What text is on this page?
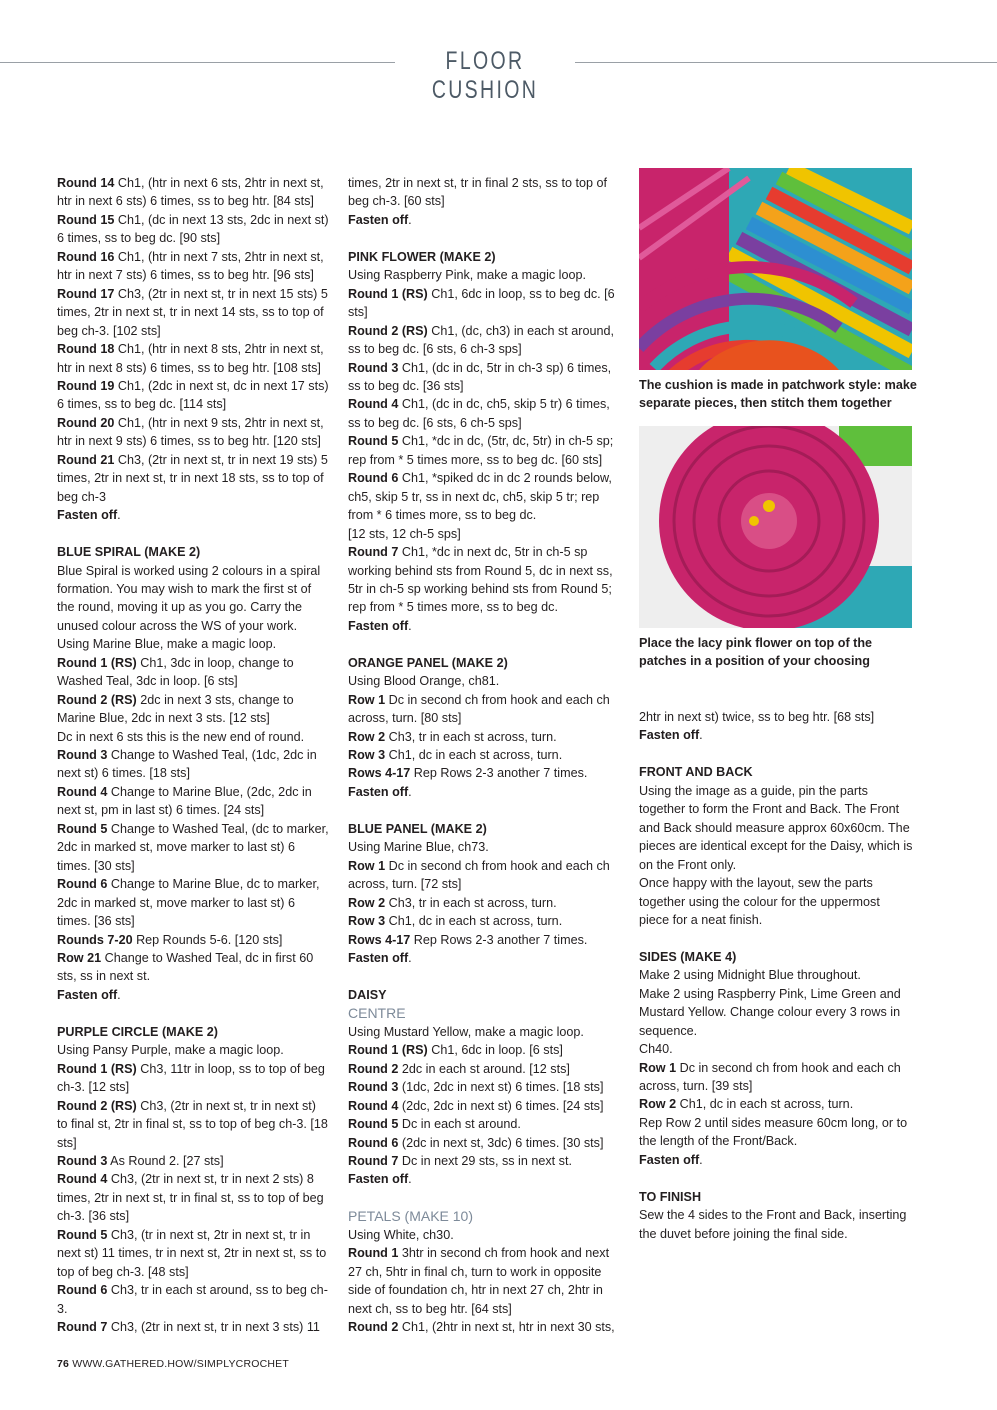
FLOOR CUSHION

Round 14 Ch1, (htr in next 6 sts, 2htr in next st, htr in next 6 sts) 6 times, ss to beg htr. [84 sts]

Round 15 Ch1, (dc in next 13 sts, 2dc in next st) 6 times, ss to beg dc. [90 sts]

Round 16 Ch1, (htr in next 7 sts, 2htr in next st, htr in next 7 sts) 6 times, ss to beg htr. [96 sts]

Round 17 Ch3, (2tr in next st, tr in next 15 sts) 5 times, 2tr in next st, tr in next 14 sts, ss to top of beg ch-3. [102 sts]

Round 18 Ch1, (htr in next 8 sts, 2htr in next st, htr in next 8 sts) 6 times, ss to beg htr. [108 sts]

Round 19 Ch1, (2dc in next st, dc in next 17 sts) 6 times, ss to beg dc. [114 sts]

Round 20 Ch1, (htr in next 9 sts, 2htr in next st, htr in next 9 sts) 6 times, ss to beg htr. [120 sts]

Round 21 Ch3, (2tr in next st, tr in next 19 sts) 5 times, 2tr in next st, tr in next 18 sts, ss to top of beg ch-3

Fasten off.

BLUE SPIRAL (MAKE 2)

Blue Spiral is worked using 2 colours in a spiral formation. You may wish to mark the first st of the round, moving it up as you go. Carry the unused colour across the WS of your work.

Using Marine Blue, make a magic loop.

Round 1 (RS) Ch1, 3dc in loop, change to Washed Teal, 3dc in loop. [6 sts]

Round 2 (RS) 2dc in next 3 sts, change to Marine Blue, 2dc in next 3 sts. [12 sts]

Dc in next 6 sts this is the new end of round.

Round 3 Change to Washed Teal, (1dc, 2dc in next st) 6 times. [18 sts]

Round 4 Change to Marine Blue, (2dc, 2dc in next st, pm in last st) 6 times. [24 sts]

Round 5 Change to Washed Teal, (dc to marker, 2dc in marked st, move marker to last st) 6 times. [30 sts]

Round 6 Change to Marine Blue, dc to marker, 2dc in marked st, move marker to last st) 6 times. [36 sts]

Rounds 7-20 Rep Rounds 5-6. [120 sts]

Row 21 Change to Washed Teal, dc in first 60 sts, ss in next st.

Fasten off.

PURPLE CIRCLE (MAKE 2)

Using Pansy Purple, make a magic loop.

Round 1 (RS) Ch3, 11tr in loop, ss to top of beg ch-3. [12 sts]

Round 2 (RS) Ch3, (2tr in next st, tr in next st) to final st, 2tr in final st, ss to top of beg ch-3. [18 sts]

Round 3 As Round 2. [27 sts]

Round 4 Ch3, (2tr in next st, tr in next 2 sts) 8 times, 2tr in next st, tr in final st, ss to top of beg ch-3. [36 sts]

Round 5 Ch3, (tr in next st, 2tr in next st, tr in next st) 11 times, tr in next st, 2tr in next st, ss to top of beg ch-3. [48 sts]

Round 6 Ch3, tr in each st around, ss to beg ch-3.

Round 7 Ch3, (2tr in next st, tr in next 3 sts) 11

times, 2tr in next st, tr in final 2 sts, ss to top of beg ch-3. [60 sts]

Fasten off.

PINK FLOWER (MAKE 2)

Using Raspberry Pink, make a magic loop.

Round 1 (RS) Ch1, 6dc in loop, ss to beg dc. [6 sts]

Round 2 (RS) Ch1, (dc, ch3) in each st around, ss to beg dc. [6 sts, 6 ch-3 sps]

Round 3 Ch1, (dc in dc, 5tr in ch-3 sp) 6 times, ss to beg dc. [36 sts]

Round 4 Ch1, (dc in dc, ch5, skip 5 tr) 6 times, ss to beg dc. [6 sts, 6 ch-5 sps]

Round 5 Ch1, *dc in dc, (5tr, dc, 5tr) in ch-5 sp; rep from * 5 times more, ss to beg dc. [60 sts]

Round 6 Ch1, *spiked dc in dc 2 rounds below, ch5, skip 5 tr, ss in next dc, ch5, skip 5 tr; rep from * 6 times more, ss to beg dc.

[12 sts, 12 ch-5 sps]

Round 7 Ch1, *dc in next dc, 5tr in ch-5 sp working behind sts from Round 5, dc in next ss, 5tr in ch-5 sp working behind sts from Round 5; rep from * 5 times more, ss to beg dc.

Fasten off.

ORANGE PANEL (MAKE 2)

Using Blood Orange, ch81.

Row 1 Dc in second ch from hook and each ch across, turn. [80 sts]

Row 2 Ch3, tr in each st across, turn.

Row 3 Ch1, dc in each st across, turn.

Rows 4-17 Rep Rows 2-3 another 7 times.

Fasten off.

BLUE PANEL (MAKE 2)

Using Marine Blue, ch73.

Row 1 Dc in second ch from hook and each ch across, turn. [72 sts]

Row 2 Ch3, tr in each st across, turn.

Row 3 Ch1, dc in each st across, turn.

Rows 4-17 Rep Rows 2-3 another 7 times.

Fasten off.

DAISY

CENTRE

Using Mustard Yellow, make a magic loop.

Round 1 (RS) Ch1, 6dc in loop. [6 sts]

Round 2 2dc in each st around. [12 sts]

Round 3 (1dc, 2dc in next st) 6 times. [18 sts]

Round 4 (2dc, 2dc in next st) 6 times. [24 sts]

Round 5 Dc in each st around.

Round 6 (2dc in next st, 3dc) 6 times. [30 sts]

Round 7 Dc in next 29 sts, ss in next st.

Fasten off.

PETALS (MAKE 10)

Using White, ch30.

Round 1 3htr in second ch from hook and next 27 ch, 5htr in final ch, turn to work in opposite side of foundation ch, htr in next 27 ch, 2htr in next ch, ss to beg htr. [64 sts]

Round 2 Ch1, (2htr in next st, htr in next 30 sts,

The cushion is made in patchwork style: make separate pieces, then stitch them together
Place the lacy pink flower on top of the patches in a position of your choosing

2htr in next st) twice, ss to beg htr. [68 sts]

Fasten off.

FRONT AND BACK

Using the image as a guide, pin the parts together to form the Front and Back. The Front and Back should measure approx 60x60cm. The pieces are identical except for the Daisy, which is on the Front only.

Once happy with the layout, sew the parts together using the colour for the uppermost piece for a neat finish.

SIDES (MAKE 4)

Make 2 using Midnight Blue throughout.

Make 2 using Raspberry Pink, Lime Green and Mustard Yellow. Change colour every 3 rows in sequence.

Ch40.

Row 1 Dc in second ch from hook and each ch across, turn. [39 sts]

Row 2 Ch1, dc in each st across, turn.

Rep Row 2 until sides measure 60cm long, or to the length of the Front/Back.

Fasten off.

TO FINISH

Sew the 4 sides to the Front and Back, inserting the duvet before joining the final side.

76 WWW.GATHERED.HOW/SIMPLYCROCHET
